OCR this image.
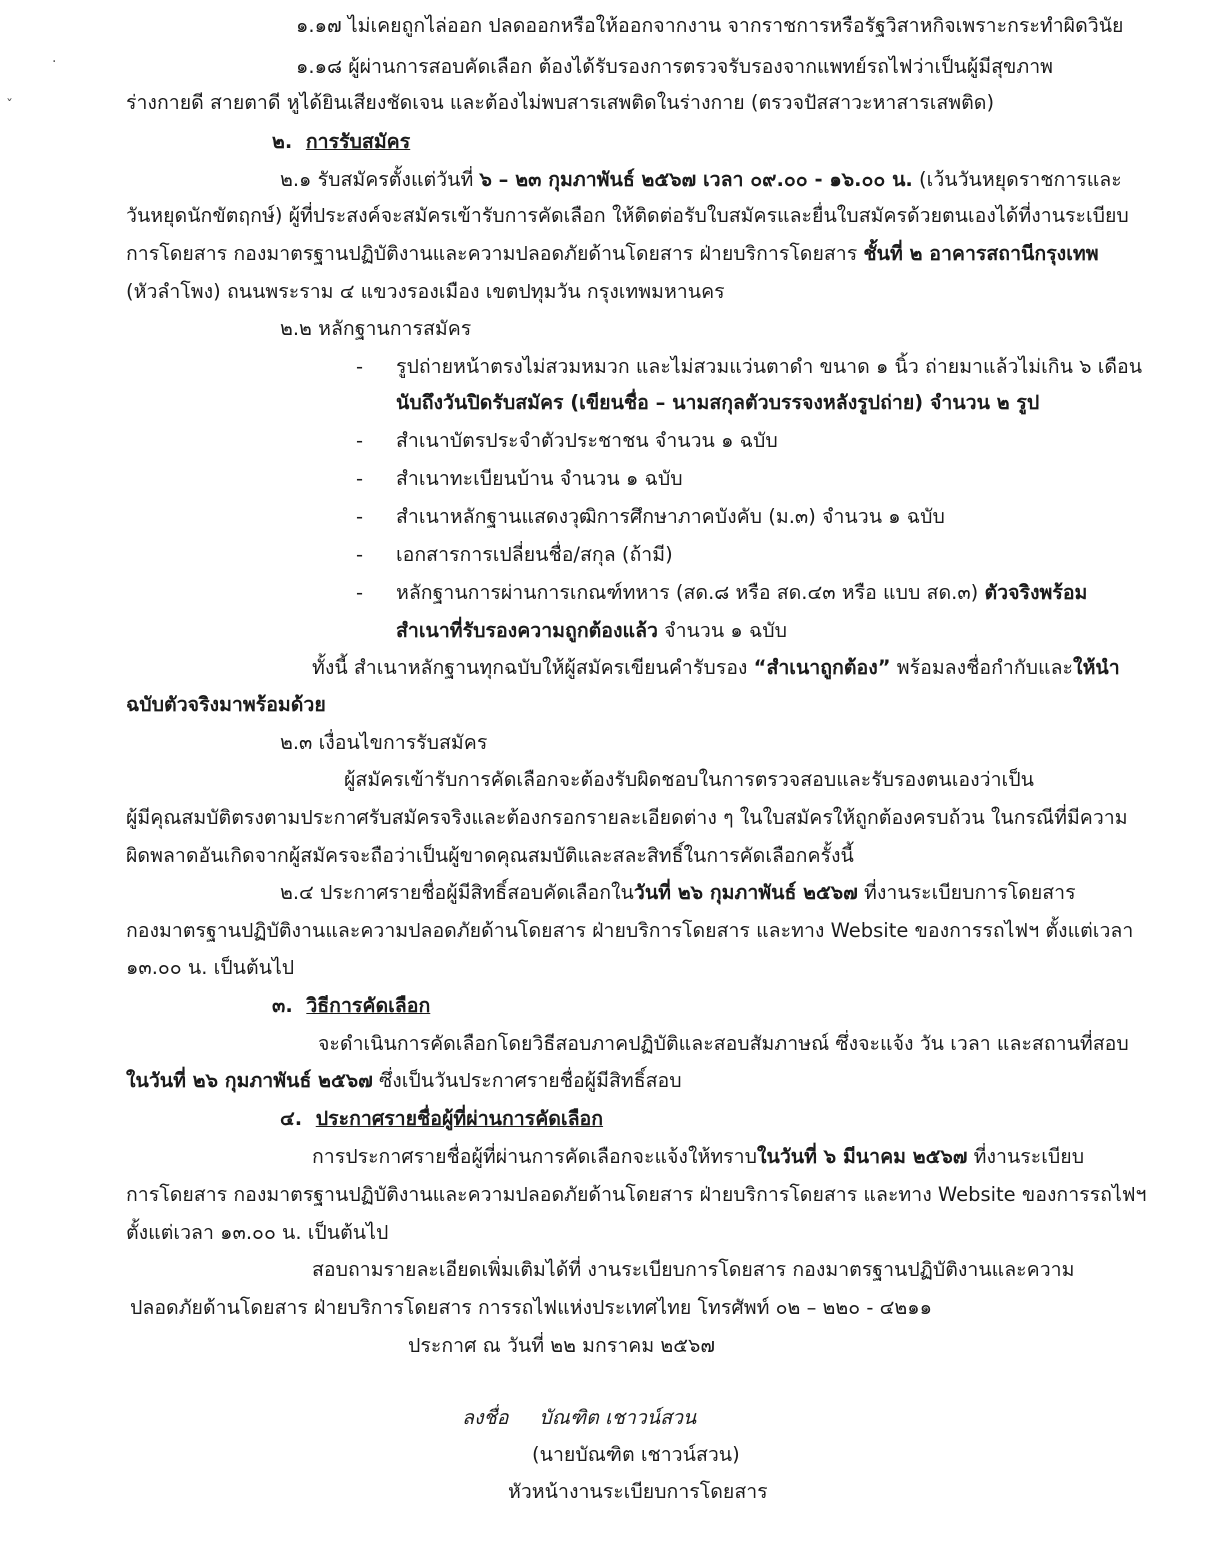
·
ˇ
๑.๑๗ ไม่เคยถูกไล่ออก ปลดออกหรือให้ออกจากงาน จากราชการหรือรัฐวิสาหกิจเพราะกระทำผิดวินัย
๑.๑๘ ผู้ผ่านการสอบคัดเลือก ต้องได้รับรองการตรวจรับรองจากแพทย์รถไฟว่าเป็นผู้มีสุขภาพ
ร่างกายดี สายตาดี หูได้ยินเสียงชัดเจน และต้องไม่พบสารเสพติดในร่างกาย (ตรวจปัสสาวะหาสารเสพติด)
๒. การรับสมัคร
๒.๑ รับสมัครตั้งแต่วันที่ ๖ – ๒๓ กุมภาพันธ์ ๒๕๖๗ เวลา ๐๙.๐๐ - ๑๖.๐๐ น. (เว้นวันหยุดราชการและ
วันหยุดนักขัตฤกษ์) ผู้ที่ประสงค์จะสมัครเข้ารับการคัดเลือก ให้ติดต่อรับใบสมัครและยื่นใบสมัครด้วยตนเองได้ที่งานระเบียบ
การโดยสาร กองมาตรฐานปฏิบัติงานและความปลอดภัยด้านโดยสาร ฝ่ายบริการโดยสาร ชั้นที่ ๒ อาคารสถานีกรุงเทพ
(หัวลำโพง) ถนนพระราม ๔ แขวงรองเมือง เขตปทุมวัน กรุงเทพมหานคร
๒.๒ หลักฐานการสมัคร
- รูปถ่ายหน้าตรงไม่สวมหมวก และไม่สวมแว่นตาดำ ขนาด ๑ นิ้ว ถ่ายมาแล้วไม่เกิน ๖ เดือน
นับถึงวันปิดรับสมัคร (เขียนชื่อ – นามสกุลตัวบรรจงหลังรูปถ่าย) จำนวน ๒ รูป
- สำเนาบัตรประจำตัวประชาชน จำนวน ๑ ฉบับ
- สำเนาทะเบียนบ้าน จำนวน ๑ ฉบับ
- สำเนาหลักฐานแสดงวุฒิการศึกษาภาคบังคับ (ม.๓) จำนวน ๑ ฉบับ
- เอกสารการเปลี่ยนชื่อ/สกุล (ถ้ามี)
- หลักฐานการผ่านการเกณฑ์ทหาร (สด.๘ หรือ สด.๔๓ หรือ แบบ สด.๓) ตัวจริงพร้อม
สำเนาที่รับรองความถูกต้องแล้ว จำนวน ๑ ฉบับ
ทั้งนี้ สำเนาหลักฐานทุกฉบับให้ผู้สมัครเขียนคำรับรอง “สำเนาถูกต้อง” พร้อมลงชื่อกำกับและให้นำ
ฉบับตัวจริงมาพร้อมด้วย
๒.๓ เงื่อนไขการรับสมัคร
ผู้สมัครเข้ารับการคัดเลือกจะต้องรับผิดชอบในการตรวจสอบและรับรองตนเองว่าเป็น
ผู้มีคุณสมบัติตรงตามประกาศรับสมัครจริงและต้องกรอกรายละเอียดต่าง ๆ ในใบสมัครให้ถูกต้องครบถ้วน ในกรณีที่มีความ
ผิดพลาดอันเกิดจากผู้สมัครจะถือว่าเป็นผู้ขาดคุณสมบัติและสละสิทธิ์ในการคัดเลือกครั้งนี้
๒.๔ ประกาศรายชื่อผู้มีสิทธิ์สอบคัดเลือกในวันที่ ๒๖ กุมภาพันธ์ ๒๕๖๗ ที่งานระเบียบการโดยสาร
กองมาตรฐานปฏิบัติงานและความปลอดภัยด้านโดยสาร ฝ่ายบริการโดยสาร และทาง Website ของการรถไฟฯ ตั้งแต่เวลา
๑๓.๐๐ น. เป็นต้นไป
๓. วิธีการคัดเลือก
จะดำเนินการคัดเลือกโดยวิธีสอบภาคปฏิบัติและสอบสัมภาษณ์ ซึ่งจะแจ้ง วัน เวลา และสถานที่สอบ
ในวันที่ ๒๖ กุมภาพันธ์ ๒๕๖๗ ซึ่งเป็นวันประกาศรายชื่อผู้มีสิทธิ์สอบ
๔. ประกาศรายชื่อผู้ที่ผ่านการคัดเลือก
การประกาศรายชื่อผู้ที่ผ่านการคัดเลือกจะแจ้งให้ทราบในวันที่ ๖ มีนาคม ๒๕๖๗ ที่งานระเบียบ
การโดยสาร กองมาตรฐานปฏิบัติงานและความปลอดภัยด้านโดยสาร ฝ่ายบริการโดยสาร และทาง Website ของการรถไฟฯ
ตั้งแต่เวลา ๑๓.๐๐ น. เป็นต้นไป
สอบถามรายละเอียดเพิ่มเติมได้ที่ งานระเบียบการโดยสาร กองมาตรฐานปฏิบัติงานและความ
ปลอดภัยด้านโดยสาร ฝ่ายบริการโดยสาร การรถไฟแห่งประเทศไทย โทรศัพท์ ๐๒ – ๒๒๐ - ๔๒๑๑
ประกาศ ณ วันที่ ๒๒ มกราคม ๒๕๖๗
ลงชื่อ บัณฑิต เชาวน์สวน
(นายบัณฑิต เชาวน์สวน)
หัวหน้างานระเบียบการโดยสาร
